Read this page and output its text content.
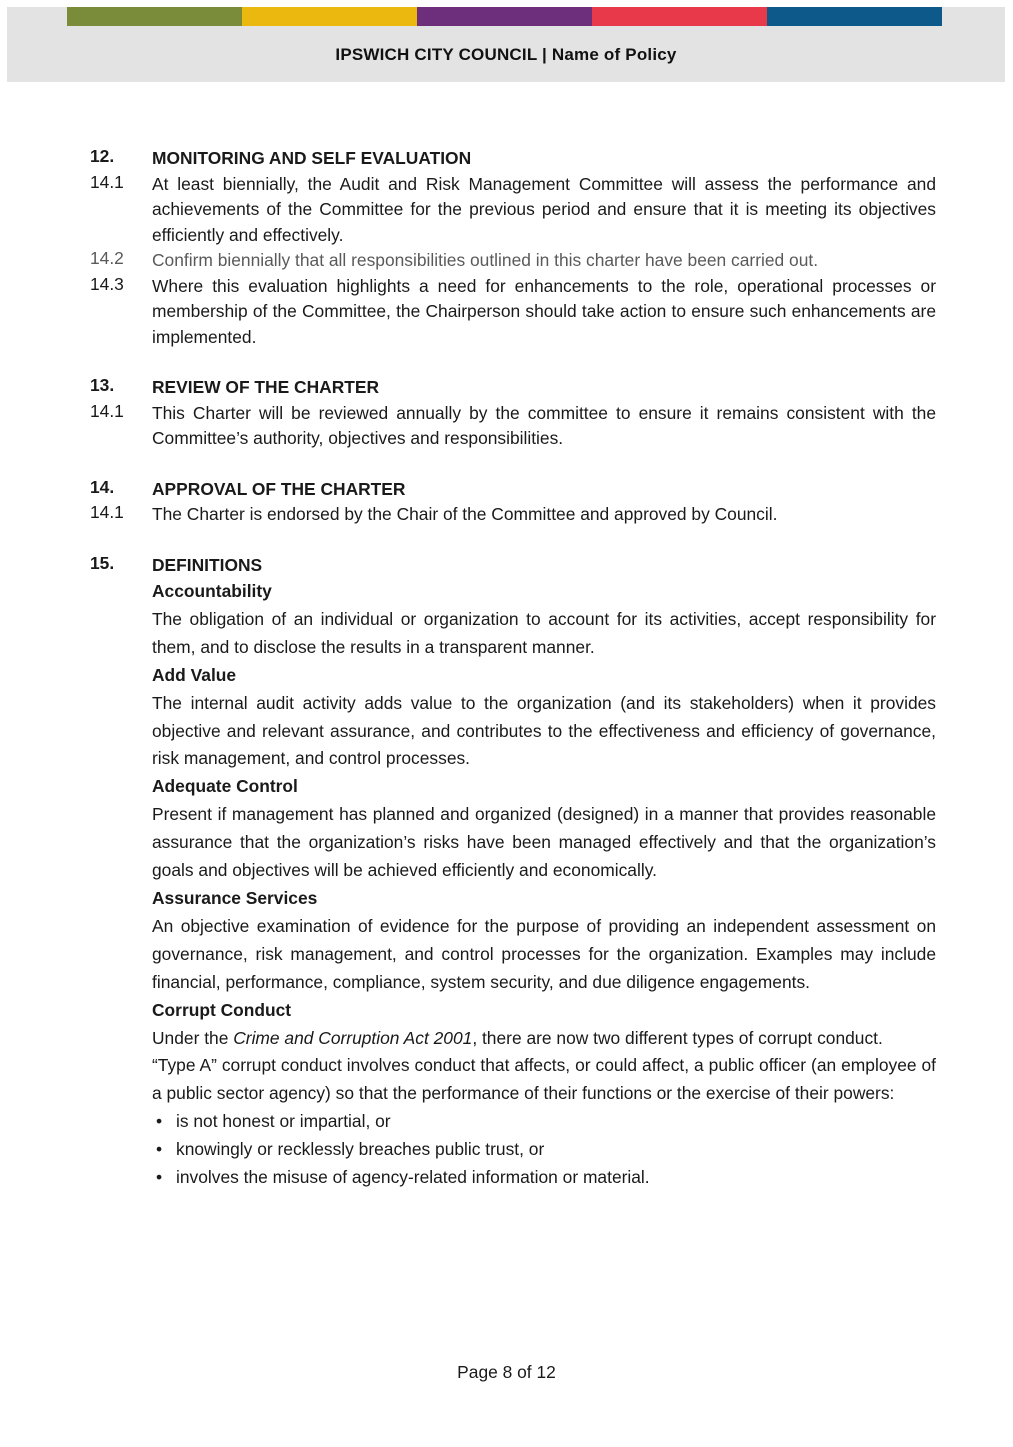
IPSWICH CITY COUNCIL | Name of Policy
12.	MONITORING AND SELF EVALUATION
14.1	At least biennially, the Audit and Risk Management Committee will assess the performance and achievements of the Committee for the previous period and ensure that it is meeting its objectives efficiently and effectively.
14.2	Confirm biennially that all responsibilities outlined in this charter have been carried out.
14.3	Where this evaluation highlights a need for enhancements to the role, operational processes or membership of the Committee, the Chairperson should take action to ensure such enhancements are implemented.
13.	REVIEW OF THE CHARTER
14.1	This Charter will be reviewed annually by the committee to ensure it remains consistent with the Committee’s authority, objectives and responsibilities.
14.	APPROVAL OF THE CHARTER
14.1	The Charter is endorsed by the Chair of the Committee and approved by Council.
15.	DEFINITIONS
Accountability

The obligation of an individual or organization to account for its activities, accept responsibility for them, and to disclose the results in a transparent manner.

Add Value

The internal audit activity adds value to the organization (and its stakeholders) when it provides objective and relevant assurance, and contributes to the effectiveness and efficiency of governance, risk management, and control processes.

Adequate Control

Present if management has planned and organized (designed) in a manner that provides reasonable assurance that the organization’s risks have been managed effectively and that the organization’s goals and objectives will be achieved efficiently and economically.

Assurance Services

An objective examination of evidence for the purpose of providing an independent assessment on governance, risk management, and control processes for the organization. Examples may include financial, performance, compliance, system security, and due diligence engagements.

Corrupt Conduct

Under the Crime and Corruption Act 2001, there are now two different types of corrupt conduct.

“Type A” corrupt conduct involves conduct that affects, or could affect, a public officer (an employee of a public sector agency) so that the performance of their functions or the exercise of their powers:

• is not honest or impartial, or
• knowingly or recklessly breaches public trust, or
• involves the misuse of agency-related information or material.
Page 8 of 12
